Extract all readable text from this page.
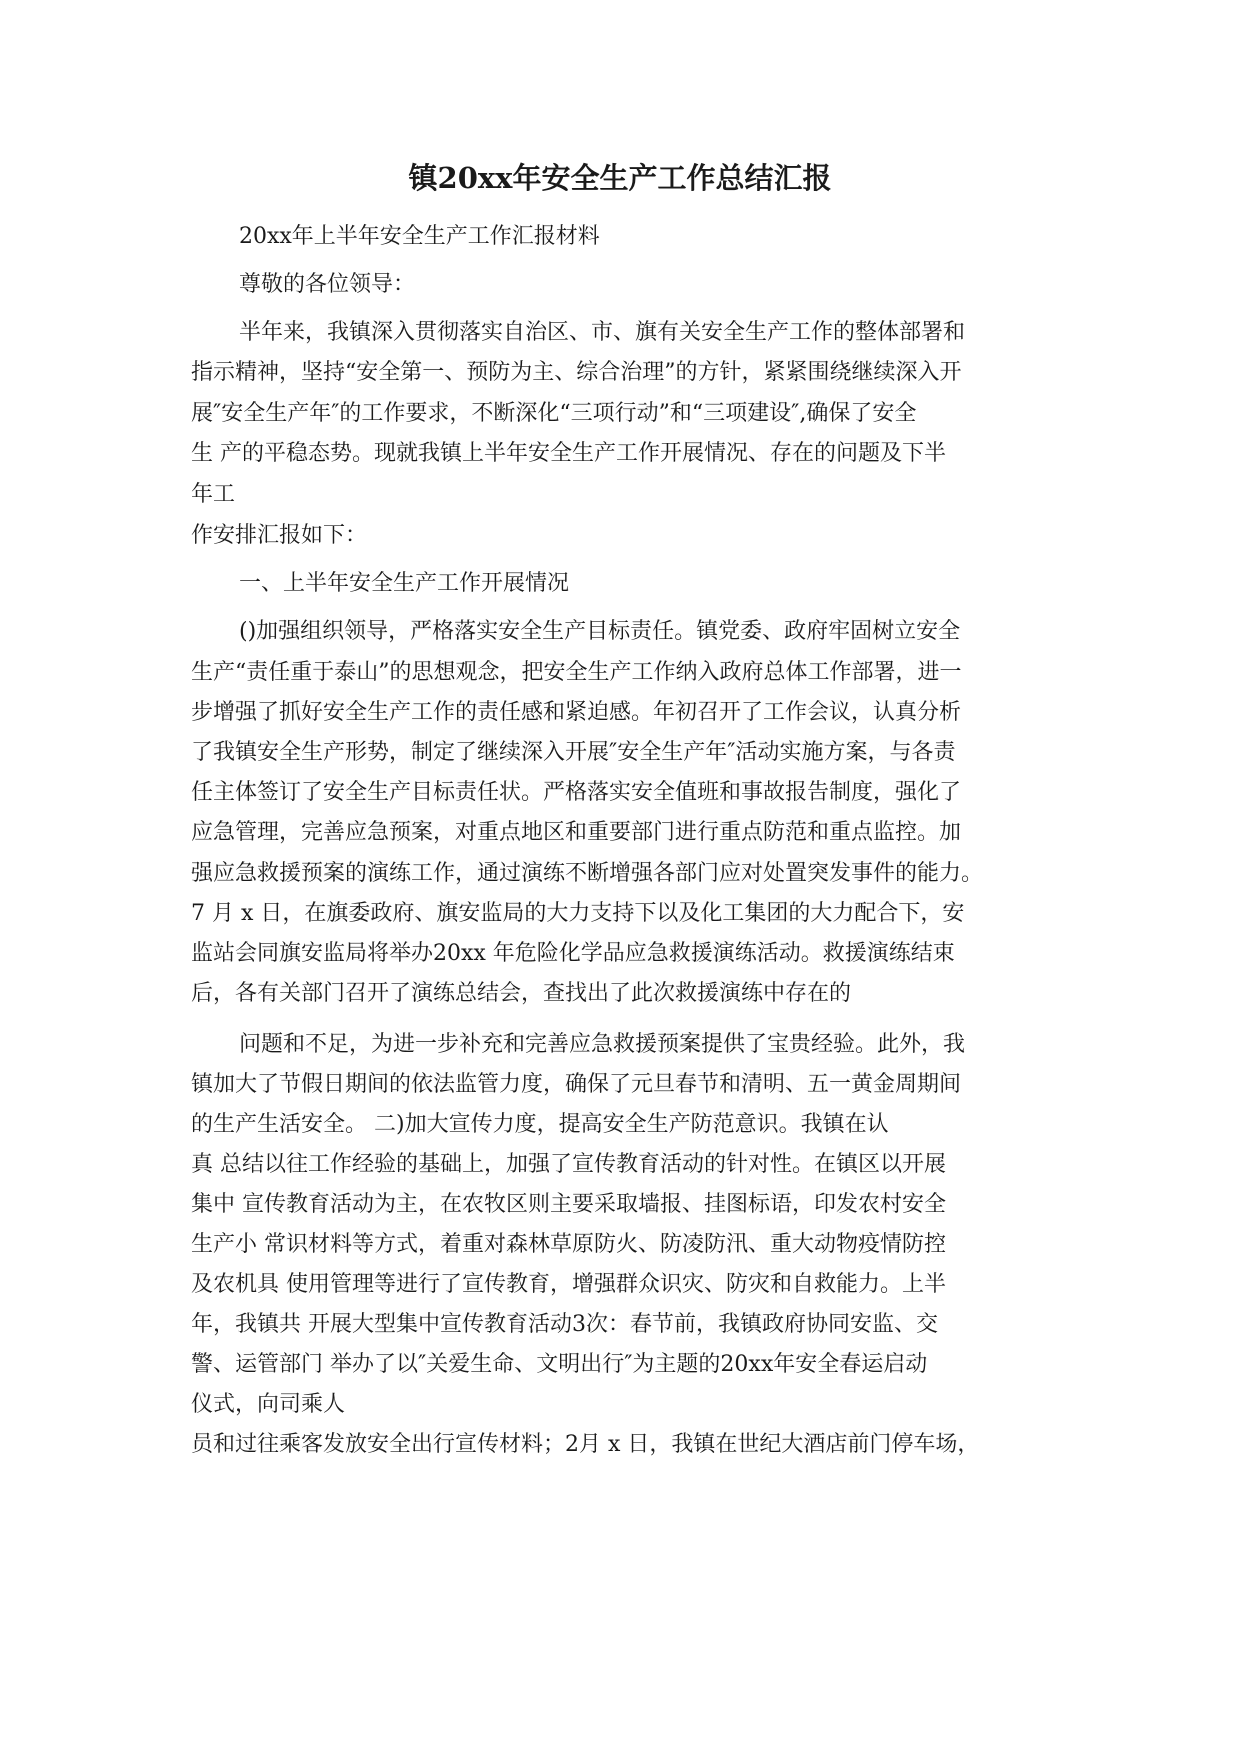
镇20xx年安全生产工作总结汇报
20xx年上半年安全生产工作汇报材料
尊敬的各位领导：
半年来，我镇深入贯彻落实自治区、市、旗有关安全生产工作的整体部署和
指示精神，坚持“安全第一、预防为主、综合治理”的方针，紧紧围绕继续深入开
展″安全生产年″的工作要求，不断深化“三项行动”和“三项建设″,确保了安全
生 产的平稳态势。现就我镇上半年安全生产工作开展情况、存在的问题及下半
年工
作安排汇报如下：
一、上半年安全生产工作开展情况
()加强组织领导，严格落实安全生产目标责任。镇党委、政府牢固树立安全
生产“责任重于泰山”的思想观念，把安全生产工作纳入政府总体工作部署，进一
步增强了抓好安全生产工作的责任感和紧迫感。年初召开了工作会议，认真分析
了我镇安全生产形势，制定了继续深入开展″安全生产年″活动实施方案，与各责
任主体签订了安全生产目标责任状。严格落实安全值班和事故报告制度，强化了
应急管理，完善应急预案，对重点地区和重要部门进行重点防范和重点监控。加
强应急救援预案的演练工作，通过演练不断增强各部门应对处置突发事件的能力。
7 月 x 日，在旗委政府、旗安监局的大力支持下以及化工集团的大力配合下，安
监站会同旗安监局将举办20xx 年危险化学品应急救援演练活动。救援演练结束
后，各有关部门召开了演练总结会，查找出了此次救援演练中存在的
问题和不足，为进一步补充和完善应急救援预案提供了宝贵经验。此外，我
镇加大了节假日期间的依法监管力度，确保了元旦春节和清明、五一黄金周期间
的生产生活安全。 二)加大宣传力度，提高安全生产防范意识。我镇在认
真 总结以往工作经验的基础上，加强了宣传教育活动的针对性。在镇区以开展
集中 宣传教育活动为主，在农牧区则主要采取墙报、挂图标语，印发农村安全
生产小 常识材料等方式，着重对森林草原防火、防凌防汛、重大动物疫情防控
及农机具 使用管理等进行了宣传教育，增强群众识灾、防灾和自救能力。上半
年，我镇共 开展大型集中宣传教育活动3次：春节前，我镇政府协同安监、交
警、运管部门 举办了以″关爱生命、文明出行″为主题的20xx年安全春运启动
仪式，向司乘人
员和过往乘客发放安全出行宣传材料；2月 x 日，我镇在世纪大酒店前门停车场，
